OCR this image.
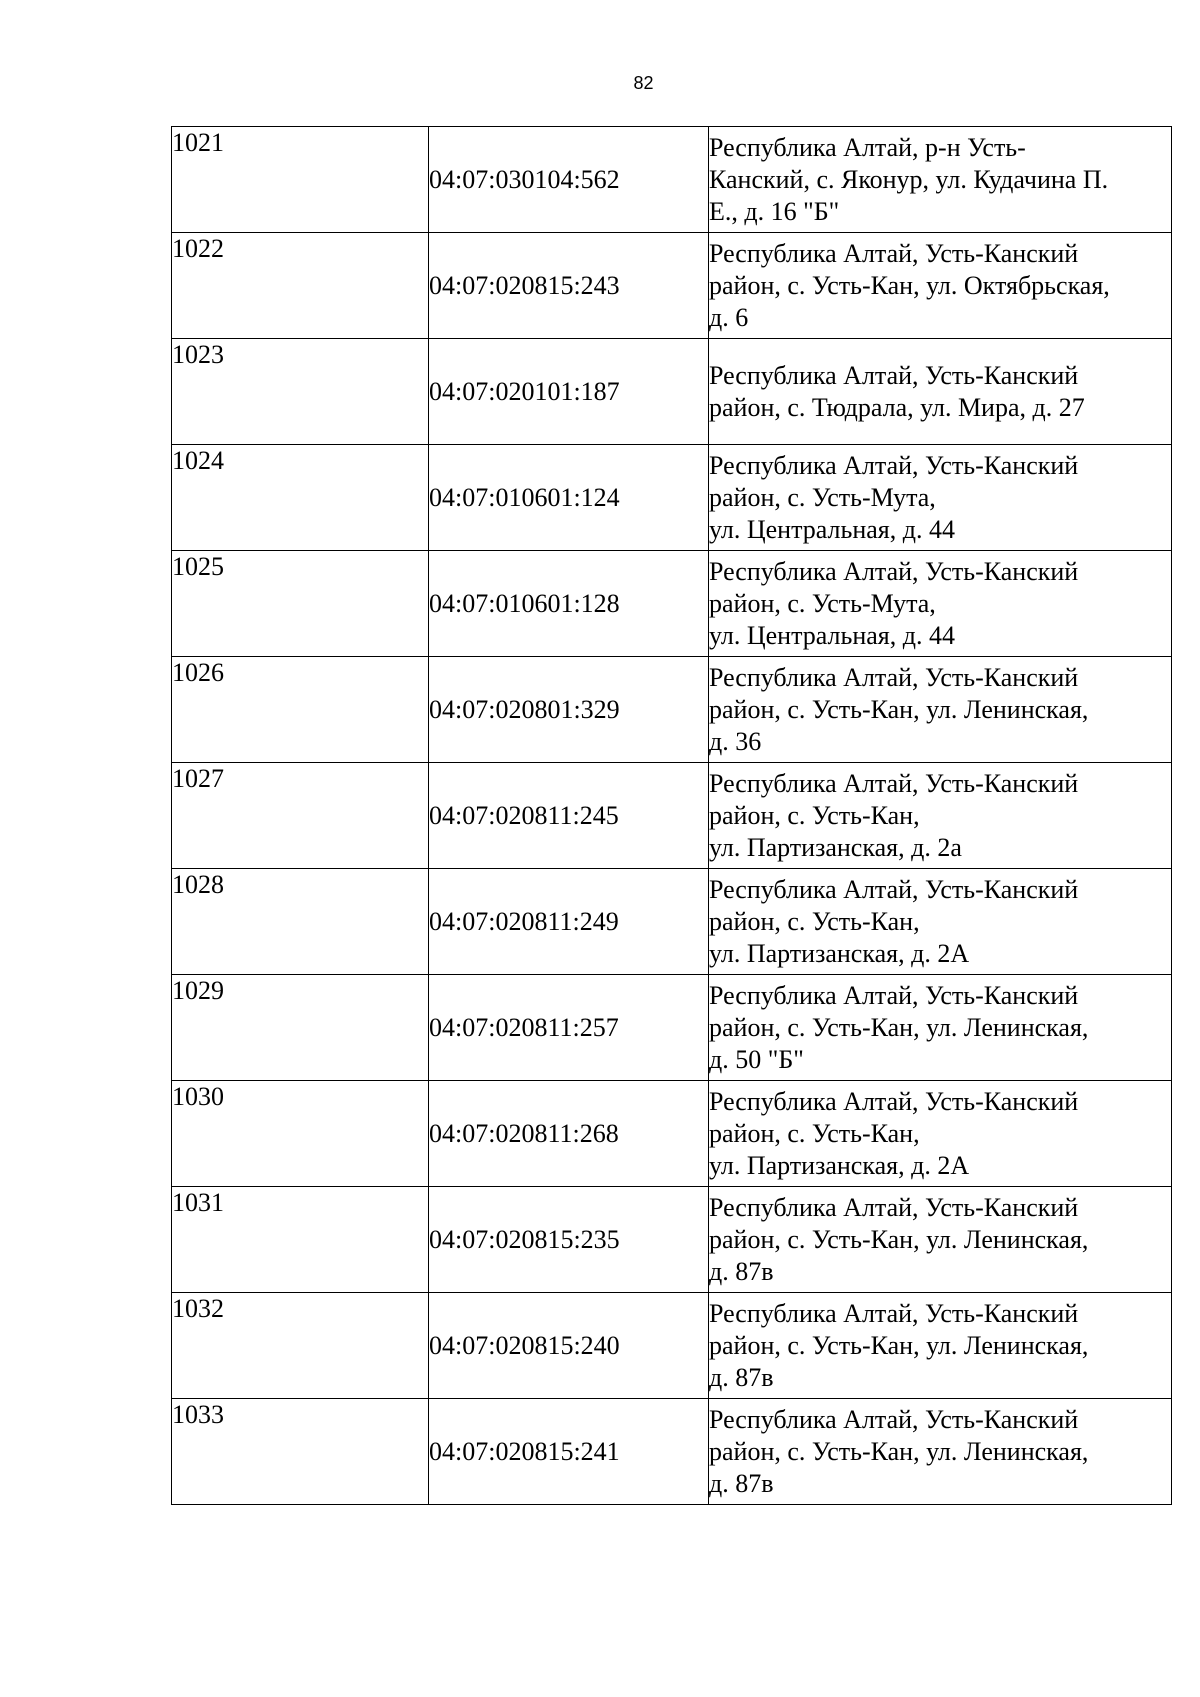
82
1021	04:07:030104:562	Республика Алтай, р-н Усть-
Канский, с. Яконур, ул. Кудачина П.
Е., д. 16 "Б"
1022	04:07:020815:243	Республика Алтай, Усть-Канский
район, с. Усть-Кан, ул. Октябрьская,
д. 6
1023	04:07:020101:187	Республика Алтай, Усть-Канский
район, с. Тюдрала, ул. Мира, д. 27
1024	04:07:010601:124	Республика Алтай, Усть-Канский
район, с. Усть-Мута,
ул. Центральная, д. 44
1025	04:07:010601:128	Республика Алтай, Усть-Канский
район, с. Усть-Мута,
ул. Центральная, д. 44
1026	04:07:020801:329	Республика Алтай, Усть-Канский
район, с. Усть-Кан, ул. Ленинская,
д. 36
1027	04:07:020811:245	Республика Алтай, Усть-Канский
район, с. Усть-Кан,
ул. Партизанская, д. 2а
1028	04:07:020811:249	Республика Алтай, Усть-Канский
район, с. Усть-Кан,
ул. Партизанская, д. 2А
1029	04:07:020811:257	Республика Алтай, Усть-Канский
район, с. Усть-Кан, ул. Ленинская,
д. 50 "Б"
1030	04:07:020811:268	Республика Алтай, Усть-Канский
район, с. Усть-Кан,
ул. Партизанская, д. 2А
1031	04:07:020815:235	Республика Алтай, Усть-Канский
район, с. Усть-Кан, ул. Ленинская,
д. 87в
1032	04:07:020815:240	Республика Алтай, Усть-Канский
район, с. Усть-Кан, ул. Ленинская,
д. 87в
1033	04:07:020815:241	Республика Алтай, Усть-Канский
район, с. Усть-Кан, ул. Ленинская,
д. 87в
